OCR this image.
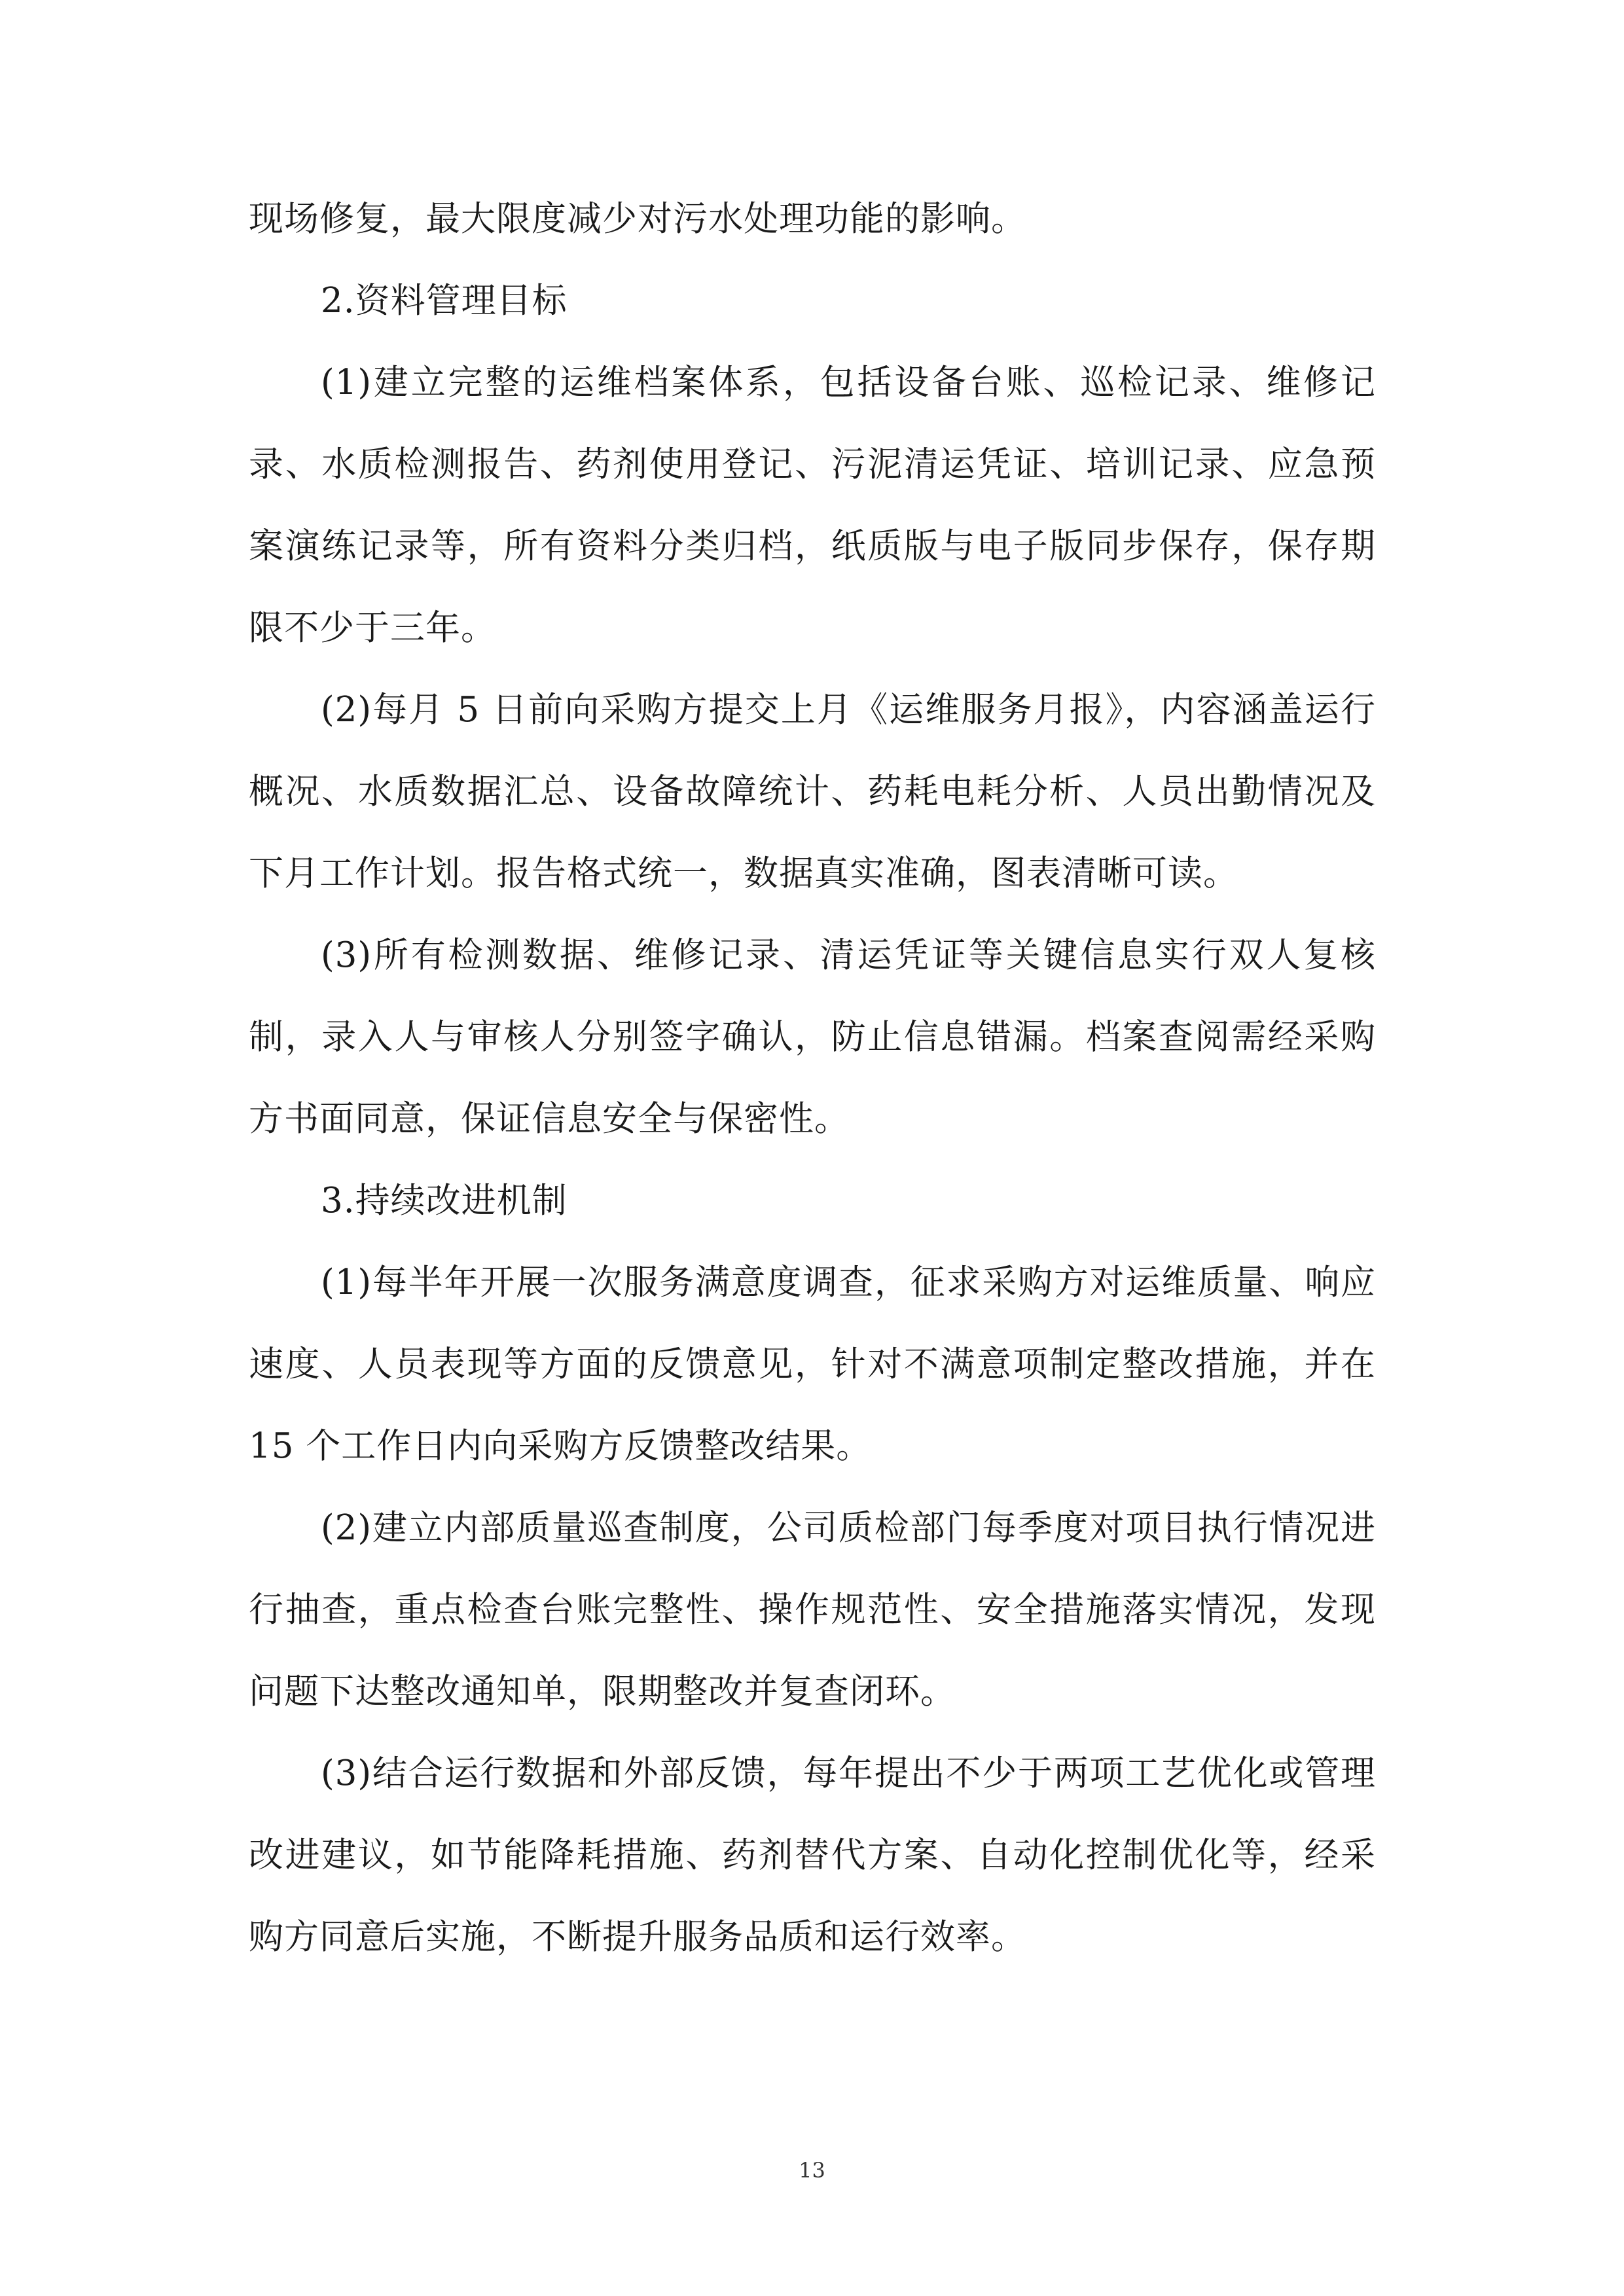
现场修复，最大限度减少对污水处理功能的影响。

2.资料管理目标

(1)建立完整的运维档案体系，包括设备台账、巡检记录、维修记录、水质检测报告、药剂使用登记、污泥清运凭证、培训记录、应急预案演练记录等，所有资料分类归档，纸质版与电子版同步保存，保存期限不少于三年。

(2)每月 5 日前向采购方提交上月《运维服务月报》，内容涵盖运行概况、水质数据汇总、设备故障统计、药耗电耗分析、人员出勤情况及下月工作计划。报告格式统一，数据真实准确，图表清晰可读。

(3)所有检测数据、维修记录、清运凭证等关键信息实行双人复核制，录入人与审核人分别签字确认，防止信息错漏。档案查阅需经采购方书面同意，保证信息安全与保密性。

3.持续改进机制

(1)每半年开展一次服务满意度调查，征求采购方对运维质量、响应速度、人员表现等方面的反馈意见，针对不满意项制定整改措施，并在 15 个工作日内向采购方反馈整改结果。

(2)建立内部质量巡查制度，公司质检部门每季度对项目执行情况进行抽查，重点检查台账完整性、操作规范性、安全措施落实情况，发现问题下达整改通知单，限期整改并复查闭环。

(3)结合运行数据和外部反馈，每年提出不少于两项工艺优化或管理改进建议，如节能降耗措施、药剂替代方案、自动化控制优化等，经采购方同意后实施，不断提升服务品质和运行效率。

13
